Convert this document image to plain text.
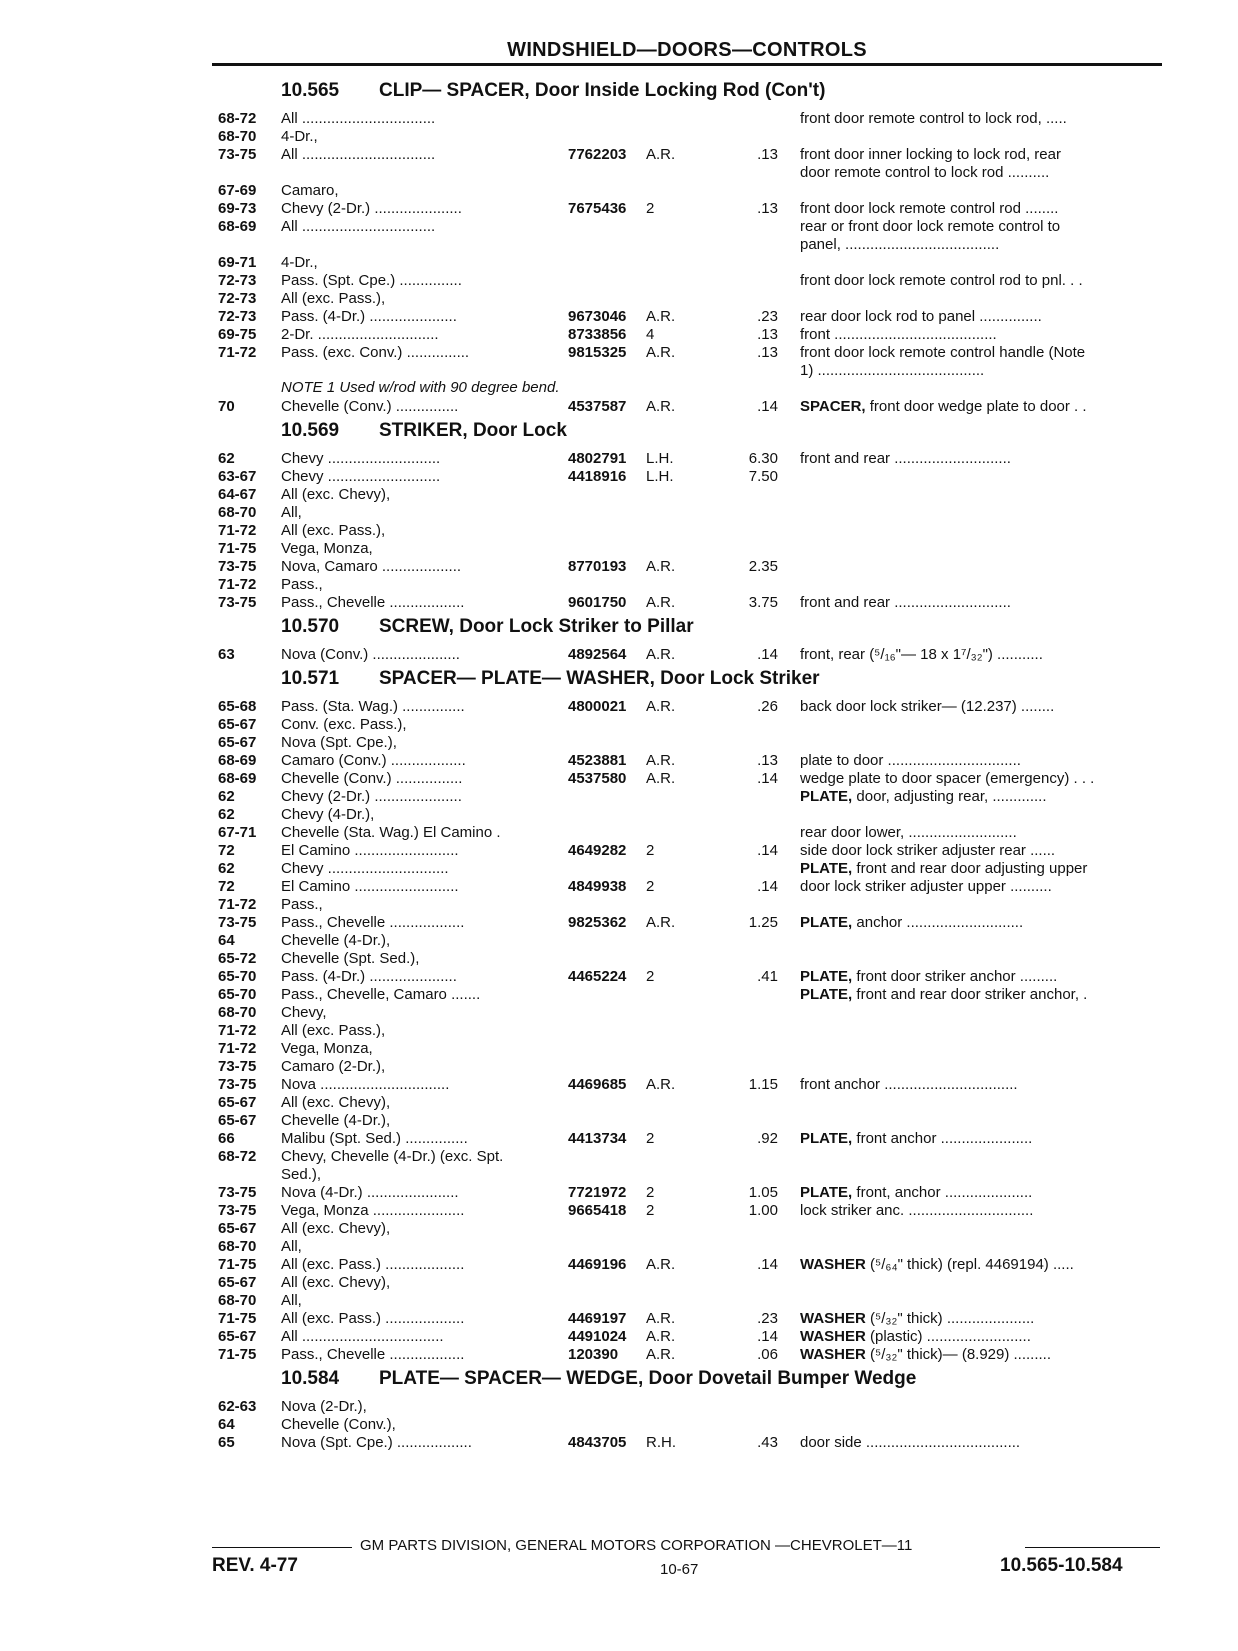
WINDSHIELD—DOORS—CONTROLS
10.565 CLIP— SPACER, Door Inside Locking Rod (Con't)
68-72 All ................................	front door remote control to lock rod, .....
68-70 4-Dr.,
73-75 All ................................	7762203 A.R.	.13 front door inner locking to lock rod, rear
door remote control to lock rod ..........
67-69 Camaro,
69-73 Chevy (2-Dr.) .....................	7675436 2	.13 front door lock remote control rod ........
68-69 All ................................	rear or front door lock remote control to
panel, .....................................
69-71 4-Dr.,
72-73 Pass. (Spt. Cpe.) ...............	front door lock remote control rod to pnl. . .
72-73 All (exc. Pass.),
72-73 Pass. (4-Dr.) .....................	9673046 A.R.	.23 rear door lock rod to panel ...............
69-75 2-Dr. .............................	8733856 4	.13 front .......................................
71-72 Pass. (exc. Conv.) ...............	9815325 A.R.	.13 front door lock remote control handle (Note
1) ........................................
NOTE 1 Used w/rod with 90 degree bend.
70	Chevelle (Conv.) ...............	4537587 A.R.	.14 SPACER, front door wedge plate to door . .
10.569 STRIKER, Door Lock
62	Chevy ...........................	4802791 L.H.	6.30 front and rear ............................
63-67 Chevy ...........................	4418916 L.H.	7.50
64-67 All (exc. Chevy),
68-70 All,
71-72 All (exc. Pass.),
71-75 Vega, Monza,
73-75 Nova, Camaro ...................	8770193 A.R.	2.35
71-72 Pass.,
73-75 Pass., Chevelle ..................	9601750 A.R.	3.75 front and rear ............................
10.570 SCREW, Door Lock Striker to Pillar
63	Nova (Conv.) .....................	4892564 A.R.	.14 front, rear (⁵/₁₆"— 18 x 1⁷/₃₂") ...........
10.571 SPACER— PLATE— WASHER, Door Lock Striker
65-68 Pass. (Sta. Wag.) ...............	4800021 A.R.	.26 back door lock striker— (12.237) ........
65-67 Conv. (exc. Pass.),
65-67 Nova (Spt. Cpe.),
68-69 Camaro (Conv.) ..................	4523881 A.R.	.13 plate to door ................................
68-69 Chevelle (Conv.) ................	4537580 A.R.	.14 wedge plate to door spacer (emergency) . . .
62	Chevy (2-Dr.) .....................	PLATE, door, adjusting rear, .............
62	Chevy (4-Dr.),
67-71 Chevelle (Sta. Wag.) El Camino .	rear door lower, ..........................
72	El Camino .........................	4649282 2	.14 side door lock striker adjuster rear ......
62	Chevy .............................	PLATE, front and rear door adjusting upper
72	El Camino .........................	4849938 2	.14 door lock striker adjuster upper ..........
71-72 Pass.,
73-75 Pass., Chevelle ..................	9825362 A.R.	1.25 PLATE, anchor ............................
64	Chevelle (4-Dr.),
65-72 Chevelle (Spt. Sed.),
65-70 Pass. (4-Dr.) .....................	4465224 2	.41 PLATE, front door striker anchor .........
65-70 Pass., Chevelle, Camaro .......	PLATE, front and rear door striker anchor, .
68-70 Chevy,
71-72 All (exc. Pass.),
71-72 Vega, Monza,
73-75 Camaro (2-Dr.),
73-75 Nova ...............................	4469685 A.R.	1.15 front anchor ................................
65-67 All (exc. Chevy),
65-67 Chevelle (4-Dr.),
66	Malibu (Spt. Sed.) ...............	4413734 2	.92 PLATE, front anchor ......................
68-72 Chevy, Chevelle (4-Dr.) (exc. Spt.
Sed.),
73-75 Nova (4-Dr.) ......................	7721972 2	1.05 PLATE, front, anchor .....................
73-75 Vega, Monza ......................	9665418 2	1.00 lock striker anc. ..............................
65-67 All (exc. Chevy),
68-70 All,
71-75 All (exc. Pass.) ...................	4469196 A.R.	.14 WASHER (⁵/₆₄" thick) (repl. 4469194) .....
65-67 All (exc. Chevy),
68-70 All,
71-75 All (exc. Pass.) ...................	4469197 A.R.	.23 WASHER (⁵/₃₂" thick) .....................
65-67 All ..................................	4491024 A.R.	.14 WASHER (plastic) .........................
71-75 Pass., Chevelle ..................	120390 A.R.	.06 WASHER (⁵/₃₂" thick)— (8.929) .........
10.584 PLATE— SPACER— WEDGE, Door Dovetail Bumper Wedge
62-63 Nova (2-Dr.),
64	Chevelle (Conv.),
65	Nova (Spt. Cpe.) ..................	4843705 R.H.	.43 door side .....................................
GM PARTS DIVISION, GENERAL MOTORS CORPORATION —CHEVROLET—11
REV. 4-77	10-67	10.565-10.584
